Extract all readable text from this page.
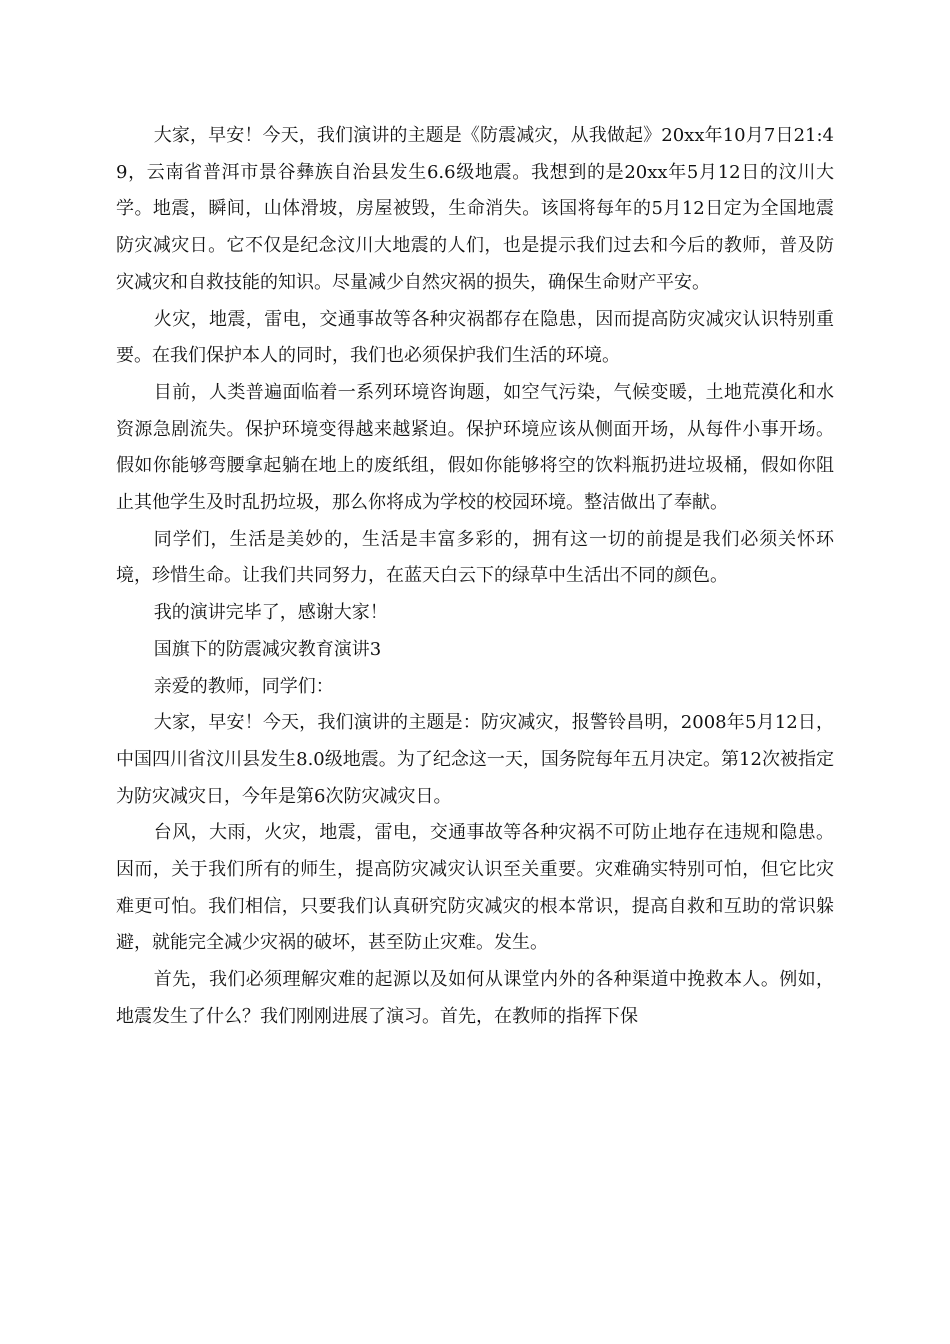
大家，早安！今天，我们演讲的主题是《防震减灾，从我做起》20xx年10月7日21:49，云南省普洱市景谷彝族自治县发生6.6级地震。我想到的是20xx年5月12日的汶川大学。地震，瞬间，山体滑坡，房屋被毁，生命消失。该国将每年的5月12日定为全国地震防灾减灾日。它不仅是纪念汶川大地震的人们，也是提示我们过去和今后的教师，普及防灾减灾和自救技能的知识。尽量减少自然灾祸的损失，确保生命财产平安。

火灾，地震，雷电，交通事故等各种灾祸都存在隐患，因而提高防灾减灾认识特别重要。在我们保护本人的同时，我们也必须保护我们生活的环境。

目前，人类普遍面临着一系列环境咨询题，如空气污染，气候变暖，土地荒漠化和水资源急剧流失。保护环境变得越来越紧迫。保护环境应该从侧面开场，从每件小事开场。假如你能够弯腰拿起躺在地上的废纸组，假如你能够将空的饮料瓶扔进垃圾桶，假如你阻止其他学生及时乱扔垃圾，那么你将成为学校的校园环境。整洁做出了奉献。

同学们，生活是美妙的，生活是丰富多彩的，拥有这一切的前提是我们必须关怀环境，珍惜生命。让我们共同努力，在蓝天白云下的绿草中生活出不同的颜色。

我的演讲完毕了，感谢大家！

国旗下的防震减灾教育演讲3

亲爱的教师，同学们：

大家，早安！今天，我们演讲的主题是：防灾减灾，报警铃昌明，2008年5月12日，中国四川省汶川县发生8.0级地震。为了纪念这一天，国务院每年五月决定。第12次被指定为防灾减灾日，今年是第6次防灾减灾日。

台风，大雨，火灾，地震，雷电，交通事故等各种灾祸不可防止地存在违规和隐患。因而，关于我们所有的师生，提高防灾减灾认识至关重要。灾难确实特别可怕，但它比灾难更可怕。我们相信，只要我们认真研究防灾减灾的根本常识，提高自救和互助的常识躲避，就能完全减少灾祸的破坏，甚至防止灾难。发生。

首先，我们必须理解灾难的起源以及如何从课堂内外的各种渠道中挽救本人。例如，地震发生了什么？我们刚刚进展了演习。首先，在教师的指挥下保
